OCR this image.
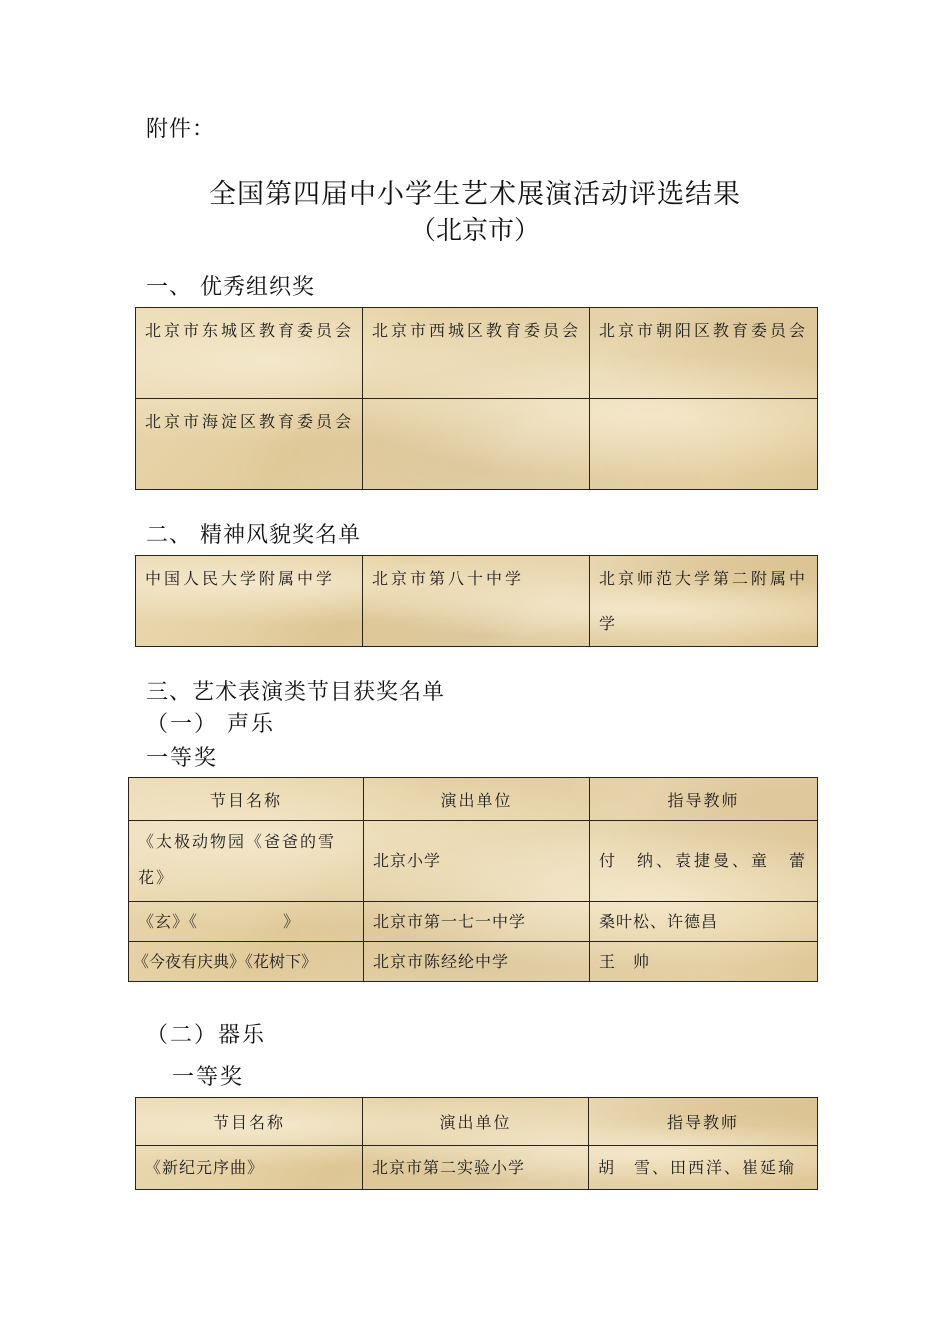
附件：
全国第四届中小学生艺术展演活动评选结果
（北京市）
一、 优秀组织奖
北京市东城区教育委员会	北京市西城区教育委员会	北京市朝阳区教育委员会
北京市海淀区教育委员会		
二、 精神风貌奖名单
中国人民大学附属中学	北京市第八十中学	北京师范大学第二附属中学
三、艺术表演类节目获奖名单
（一） 声乐
一等奖
节目名称	演出单位	指导教师
《太极动物园《爸爸的雪花》	北京小学	付　纳、袁捷曼、童　蕾
《玄》《　　　　　》	北京市第一七一中学	桑叶松、许德昌
《今夜有庆典》《花树下》	北京市陈经纶中学	王　帅
（二）器乐
一等奖
节目名称	演出单位	指导教师
《新纪元序曲》	北京市第二实验小学	胡　雪、田西洋、崔延瑜
